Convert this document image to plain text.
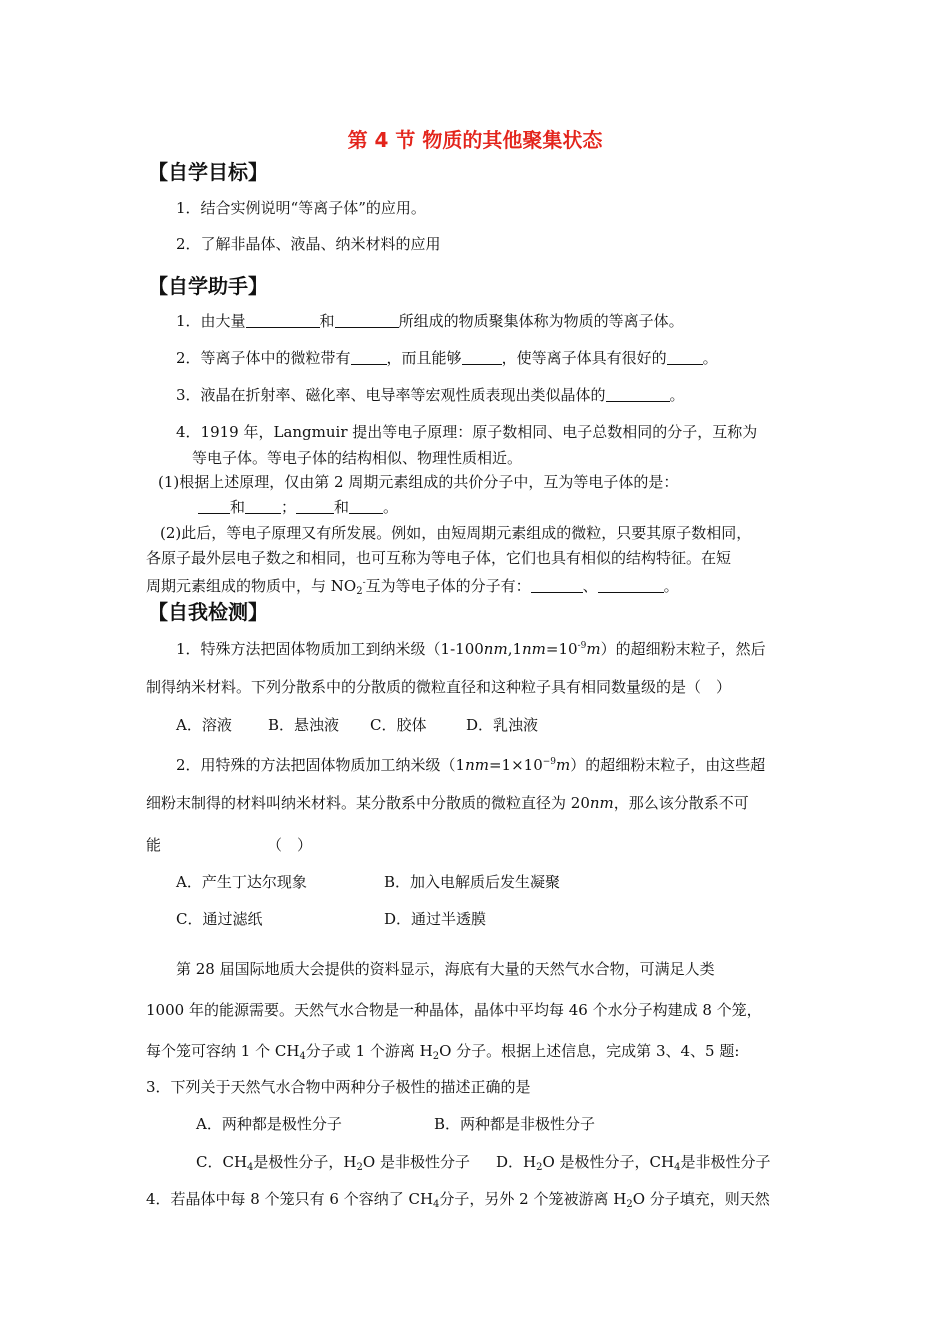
第 4 节 物质的其他聚集状态
【自学目标】
1．结合实例说明“等离子体”的应用。
2．了解非晶体、液晶、纳米材料的应用
【自学助手】
1．由大量	和	所组成的物质聚集体称为物质的等离子体。
2．等离子体中的微粒带有 ，而且能够	，使等离子体具有很好的 。
3．液晶在折射率、磁化率、电导率等宏观性质表现出类似晶体的	。
4．1919 年，Langmuir 提出等电子原理：原子数相同、电子总数相同的分子，互称为
等电子体。等电子体的结构相似、物理性质相近。
(1)根据上述原理，仅由第 2 周期元素组成的共价分子中，互为等电子体的是：
和 ；	和 。
(2)此后，等电子原理又有所发展。例如，由短周期元素组成的微粒，只要其原子数相同，
各原子最外层电子数之和相同，也可互称为等电子体，它们也具有相似的结构特征。在短
周期元素组成的物质中，与 $NO_2^-$互为等电子体的分子有：	、	。
【自我检测】
1．特殊方法把固体物质加工到纳米级$(1-100nm,1nm=10^{-9}m)$的超细粉末粒子，然后
制得纳米材料。下列分散系中的分散质的微粒直径和这种粒子具有相同数量级的是（　）
A．溶液 B．悬浊液 C．胶体	D．乳浊液
2．用特殊的方法把固体物质加工纳米级$(1nm=1\times 10^{-9}m)$的超细粉末粒子，由这些超
细粉末制得的材料叫纳米材料。某分散系中分散质的微粒直径为 20nm，那么该分散系不可
能	（　）
A．产生丁达尔现象	B．加入电解质后发生凝聚
C．通过滤纸	D．通过半透膜
第 28 届国际地质大会提供的资料显示，海底有大量的天然气水合物，可满足人类
1000 年的能源需要。天然气水合物是一种晶体，晶体中平均每 46 个水分子构建成 8 个笼，
每个笼可容纳 1 个 $CH_4$分子或 1 个游离 $H_2O$ 分子。根据上述信息，完成第 3、4、5 题:
3．下列关于天然气水合物中两种分子极性的描述正确的是
A．两种都是极性分子	B．两种都是非极性分子
C．$CH_4$是极性分子，$H_2O$ 是非极性分子 D．$H_2O$ 是极性分子，$CH_4$是非极性分子
4．若晶体中每 8 个笼只有 6 个容纳了 $CH_4$分子，另外 2 个笼被游离 $H_2O$ 分子填充，则天然
